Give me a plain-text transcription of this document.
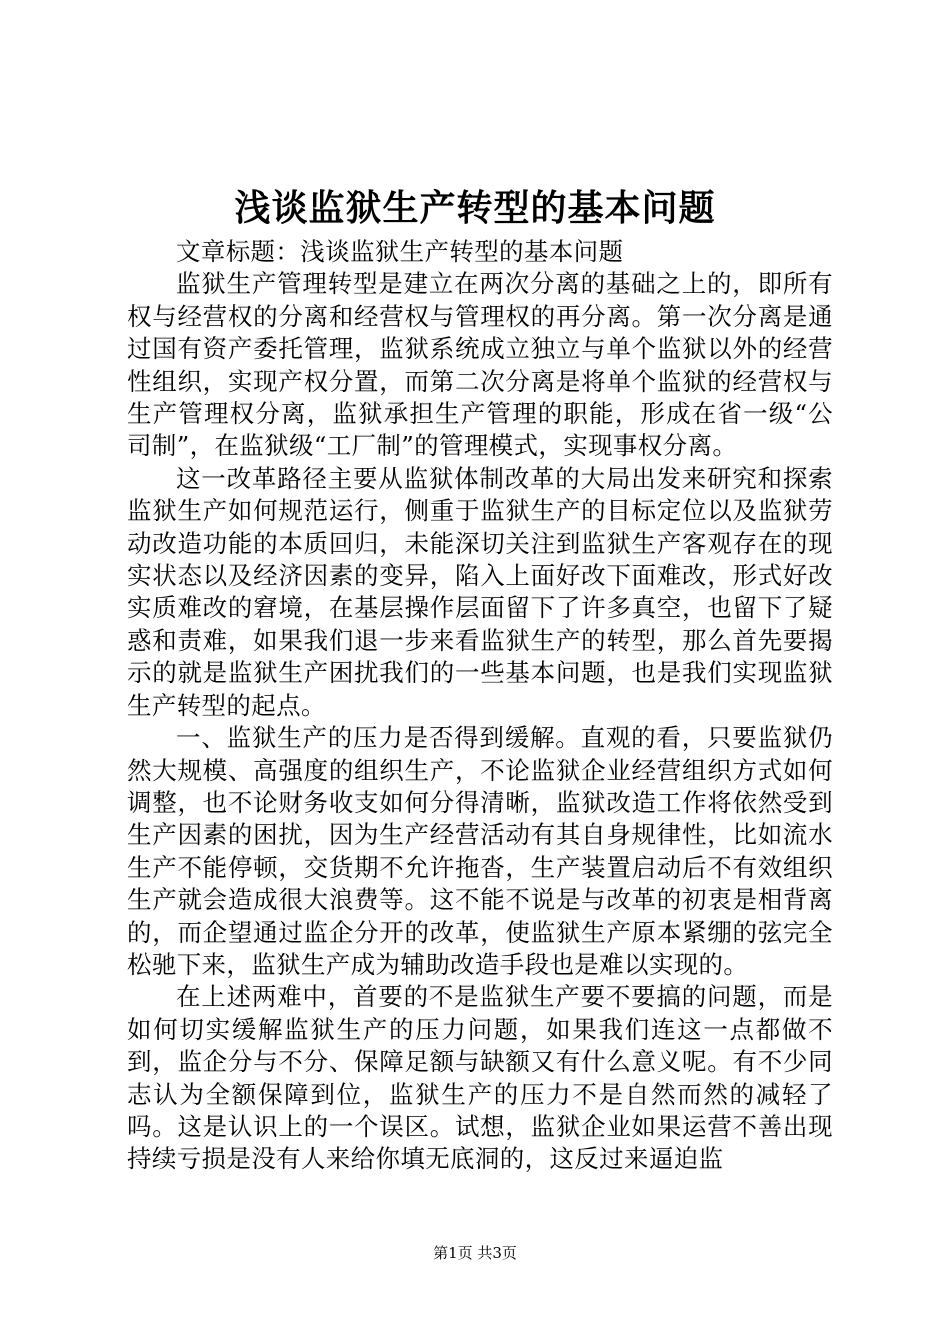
浅谈监狱生产转型的基本问题

文章标题：浅谈监狱生产转型的基本问题

监狱生产管理转型是建立在两次分离的基础之上的，即所有权与经营权的分离和经营权与管理权的再分离。第一次分离是通过国有资产委托管理，监狱系统成立独立与单个监狱以外的经营性组织，实现产权分置，而第二次分离是将单个监狱的经营权与生产管理权分离，监狱承担生产管理的职能，形成在省一级“公司制”，在监狱级“工厂制”的管理模式，实现事权分离。

这一改革路径主要从监狱体制改革的大局出发来研究和探索监狱生产如何规范运行，侧重于监狱生产的目标定位以及监狱劳动改造功能的本质回归，未能深切关注到监狱生产客观存在的现实状态以及经济因素的变异，陷入上面好改下面难改，形式好改实质难改的窘境，在基层操作层面留下了许多真空，也留下了疑惑和责难，如果我们退一步来看监狱生产的转型，那么首先要揭示的就是监狱生产困扰我们的一些基本问题，也是我们实现监狱生产转型的起点。

一、监狱生产的压力是否得到缓解。直观的看，只要监狱仍然大规模、高强度的组织生产，不论监狱企业经营组织方式如何调整，也不论财务收支如何分得清晰，监狱改造工作将依然受到生产因素的困扰，因为生产经营活动有其自身规律性，比如流水生产不能停顿，交货期不允许拖沓，生产装置启动后不有效组织生产就会造成很大浪费等。这不能不说是与改革的初衷是相背离的，而企望通过监企分开的改革，使监狱生产原本紧绷的弦完全松驰下来，监狱生产成为辅助改造手段也是难以实现的。

在上述两难中，首要的不是监狱生产要不要搞的问题，而是如何切实缓解监狱生产的压力问题，如果我们连这一点都做不到，监企分与不分、保障足额与缺额又有什么意义呢。有不少同志认为全额保障到位，监狱生产的压力不是自然而然的减轻了吗。这是认识上的一个误区。试想，监狱企业如果运营不善出现持续亏损是没有人来给你填无底洞的，这反过来逼迫监

第1页 共3页
